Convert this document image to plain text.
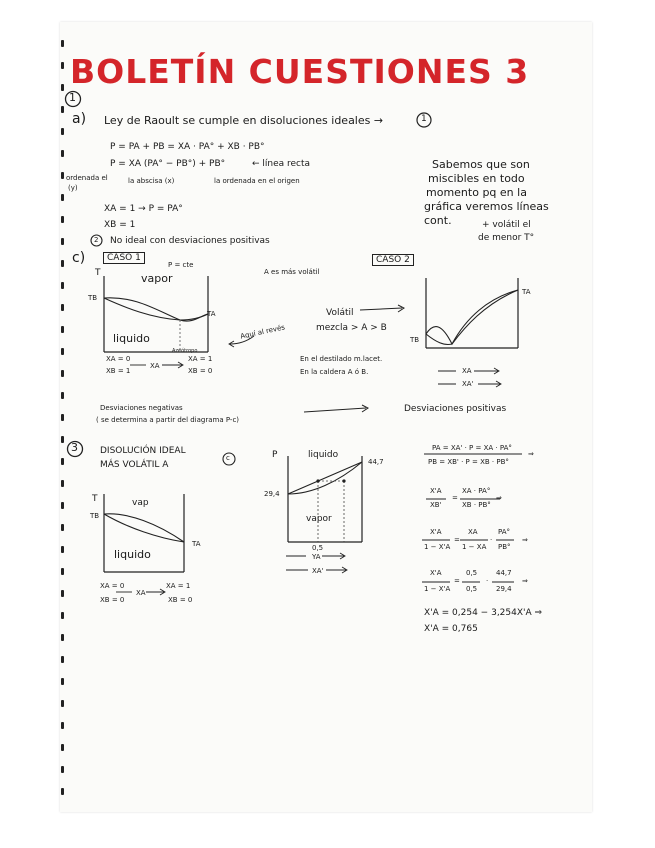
BOLETÍN CUESTIONES 3
1
a) Ley de Raoult se cumple en disoluciones ideales →	1
P = PA + PB = XA · PA° + XB · PB°
P = XA (PA° − PB°) + PB°	← línea recta
ordenada el
(y)
la abscisa (x)	la ordenada en el origen
XA = 1 → P = PA°
XB = 1
Sabemos que son
miscibles en todo
momento pq en la
gráfica veremos líneas
cont.	+ volátil el
de menor T°
2 No ideal con desviaciones positivas
c)	CASO 1
P = cte
A es más volátil
CASO 2
T	vapor
liquido
TB
TA
Azeótropo
XA = 0	XA = 1
XB = 1	XB = 0
XA
Aquí al revés
Volátil
mezcla > A > B
En el destilado m.lacet.
En la caldera A ó B.
TB
TA
XA
XA'
Desviaciones negativas
( se determina a partir del diagrama P-c)
Desviaciones positivas
3 DISOLUCIÓN IDEAL
MÁS VOLÁTIL A
c
T	vap
liquido
TB
TA
XA = 0	XA = 1
XB = 0	XB = 0
XA
P	liquido
vapor
44,7
29,4
0,5
YA
XA'
PA = XA' · P = XA · PA°
PB = XB' · P = XB · PB°
⇒
X'A
XB'
=
XA · PA°
XB · PB°
⇒
X'A
1 − X'A
=
XA
1 − XA
·
PA°
PB°
⇒
X'A
1 − X'A
=
0,5
0,5
·
44,7
29,4
⇒
X'A = 0,254 − 3,254X'A ⇒
X'A = 0,765
